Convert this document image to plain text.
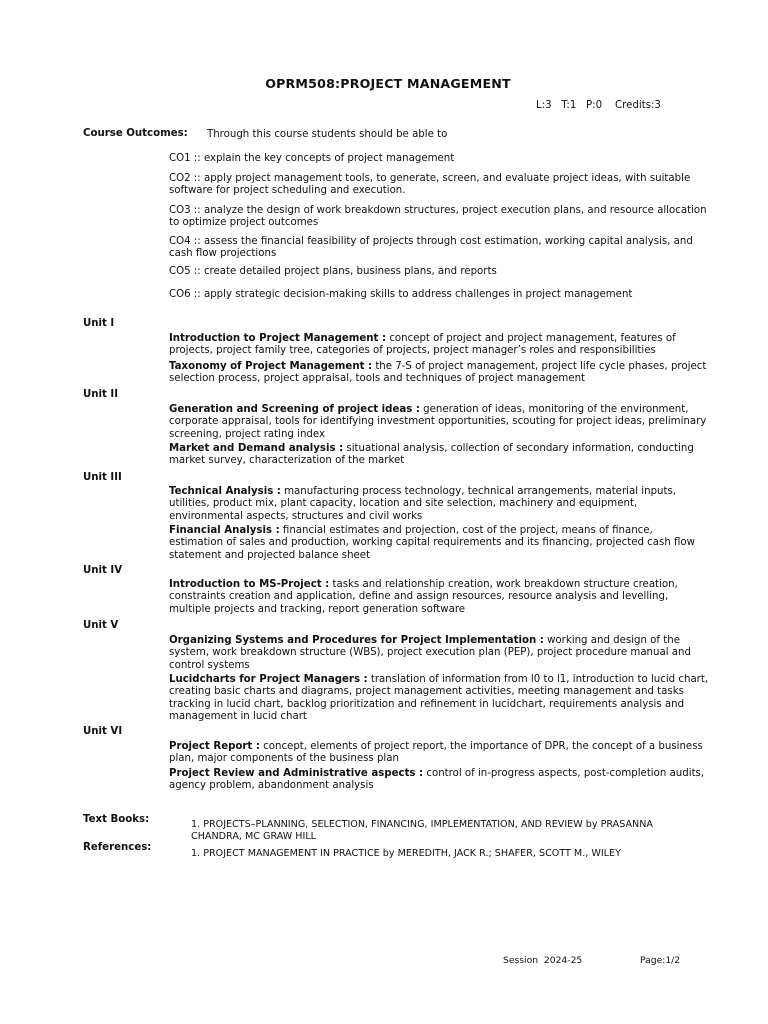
OPRM508:PROJECT MANAGEMENT
L:3   T:1   P:0    Credits:3
Course Outcomes: Through this course students should be able to
CO1 :: explain the key concepts of project management
CO2 :: apply project management tools, to generate, screen, and evaluate project ideas, with suitable software for project scheduling and execution.
CO3 :: analyze the design of work breakdown structures, project execution plans, and resource allocation to optimize project outcomes
CO4 :: assess the financial feasibility of projects through cost estimation, working capital analysis, and cash flow projections
CO5 :: create detailed project plans, business plans, and reports
CO6 :: apply strategic decision-making skills to address challenges in project management
Unit I
Introduction to Project Management : concept of project and project management, features of projects, project family tree, categories of projects, project manager’s roles and responsibilities
Taxonomy of Project Management : the 7-S of project management, project life cycle phases, project selection process, project appraisal, tools and techniques of project management
Unit II
Generation and Screening of project ideas : generation of ideas, monitoring of the environment, corporate appraisal, tools for identifying investment opportunities, scouting for project ideas, preliminary screening, project rating index
Market and Demand analysis : situational analysis, collection of secondary information, conducting market survey, characterization of the market
Unit III
Technical Analysis : manufacturing process technology, technical arrangements, material inputs, utilities, product mix, plant capacity, location and site selection, machinery and equipment, environmental aspects, structures and civil works
Financial Analysis : financial estimates and projection, cost of the project, means of finance, estimation of sales and production, working capital requirements and its financing, projected cash flow statement and projected balance sheet
Unit IV
Introduction to MS-Project : tasks and relationship creation, work breakdown structure creation, constraints creation and application, define and assign resources, resource analysis and levelling, multiple projects and tracking, report generation software
Unit V
Organizing Systems and Procedures for Project Implementation : working and design of the system, work breakdown structure (WBS), project execution plan (PEP), project procedure manual and control systems
Lucidcharts for Project Managers : translation of information from l0 to l1, introduction to lucid chart, creating basic charts and diagrams, project management activities, meeting management and tasks tracking in lucid chart, backlog prioritization and refinement in lucidchart, requirements analysis and management in lucid chart
Unit VI
Project Report : concept, elements of project report, the importance of DPR, the concept of a business plan, major components of the business plan
Project Review and Administrative aspects : control of in-progress aspects, post-completion audits, agency problem, abandonment analysis
Text Books:	1. PROJECTS–PLANNING, SELECTION, FINANCING, IMPLEMENTATION, AND REVIEW by PRASANNA CHANDRA, MC GRAW HILL
References:
1. PROJECT MANAGEMENT IN PRACTICE by MEREDITH, JACK R.; SHAFER, SCOTT M., WILEY
Session  2024-25	Page:1/2
